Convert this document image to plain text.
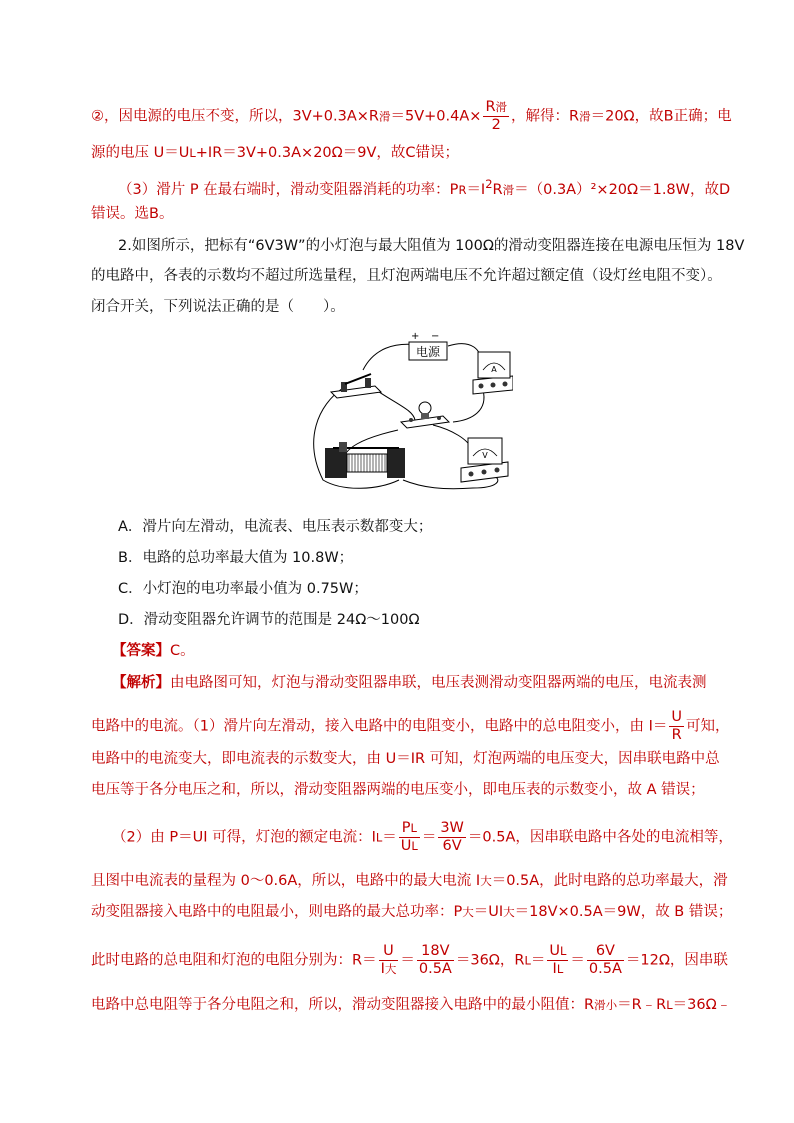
②，因电源的电压不变，所以，3V+0.3A×R滑$=5V+0.4A\times \frac{\text{R滑}}{2}$ ，解得：R滑＝20Ω，故B正确；电
源的电压 U＝UL+IR＝3V+0.3A×20Ω＝9V，故C错误；
（3）滑片 P 在最右端时，滑动变阻器消耗的功率：$PR=I^2R$滑＝（0.3A）²×20Ω＝1.8W，故D
错误。选B。
2.如图所示，把标有“6V3W”的小灯泡与最大阻值为 100Ω的滑动变阻器连接在电源电压恒为 18V
的电路中，各表的示数均不超过所选量程，且灯泡两端电压不允许超过额定值（设灯丝电阻不变）。
闭合开关，下列说法正确的是（　　）。
电源
+ −
A
V
A．滑片向左滑动，电流表、电压表示数都变大；
B．电路的总功率最大值为 10.8W；
C．小灯泡的电功率最小值为 0.75W；
D．滑动变阻器允许调节的范围是 24Ω～100Ω
【答案】C。
【解析】由电路图可知，灯泡与滑动变阻器串联，电压表测滑动变阻器两端的电压，电流表测
电路中的电流。（1）滑片向左滑动，接入电路中的电阻变小，电路中的总电阻变小，由 $I= \frac{U}{R}$ 可知，
电路中的电流变大，即电流表的示数变大，由 U＝IR 可知，灯泡两端的电压变大，因串联电路中总
电压等于各分电压之和，所以，滑动变阻器两端的电压变小，即电压表的示数变小，故 A 错误；
（2）由 P＝UI 可得，灯泡的额定电流：$IL= \frac{PL}{UL} = \frac{3W}{6V} =0.5A$，因串联电路中各处的电流相等，
且图中电流表的量程为 0～0.6A，所以，电路中的最大电流 I大＝0.5A，此时电路的总功率最大，滑
动变阻器接入电路中的电阻最小，则电路的最大总功率：P大＝UI大＝18V×0.5A＝9W，故 B 错误；
此时电路的总电阻和灯泡的电阻分别为：$R= \frac{U}{\text{I大}} = \frac{18V}{0.5A} =36\Omega$，$RL= \frac{UL}{IL} = \frac{6V}{0.5A} =12\Omega$，因串联
电路中总电阻等于各分电阻之和，所以，滑动变阻器接入电路中的最小阻值：R滑小＝R﹣RL＝36Ω﹣
